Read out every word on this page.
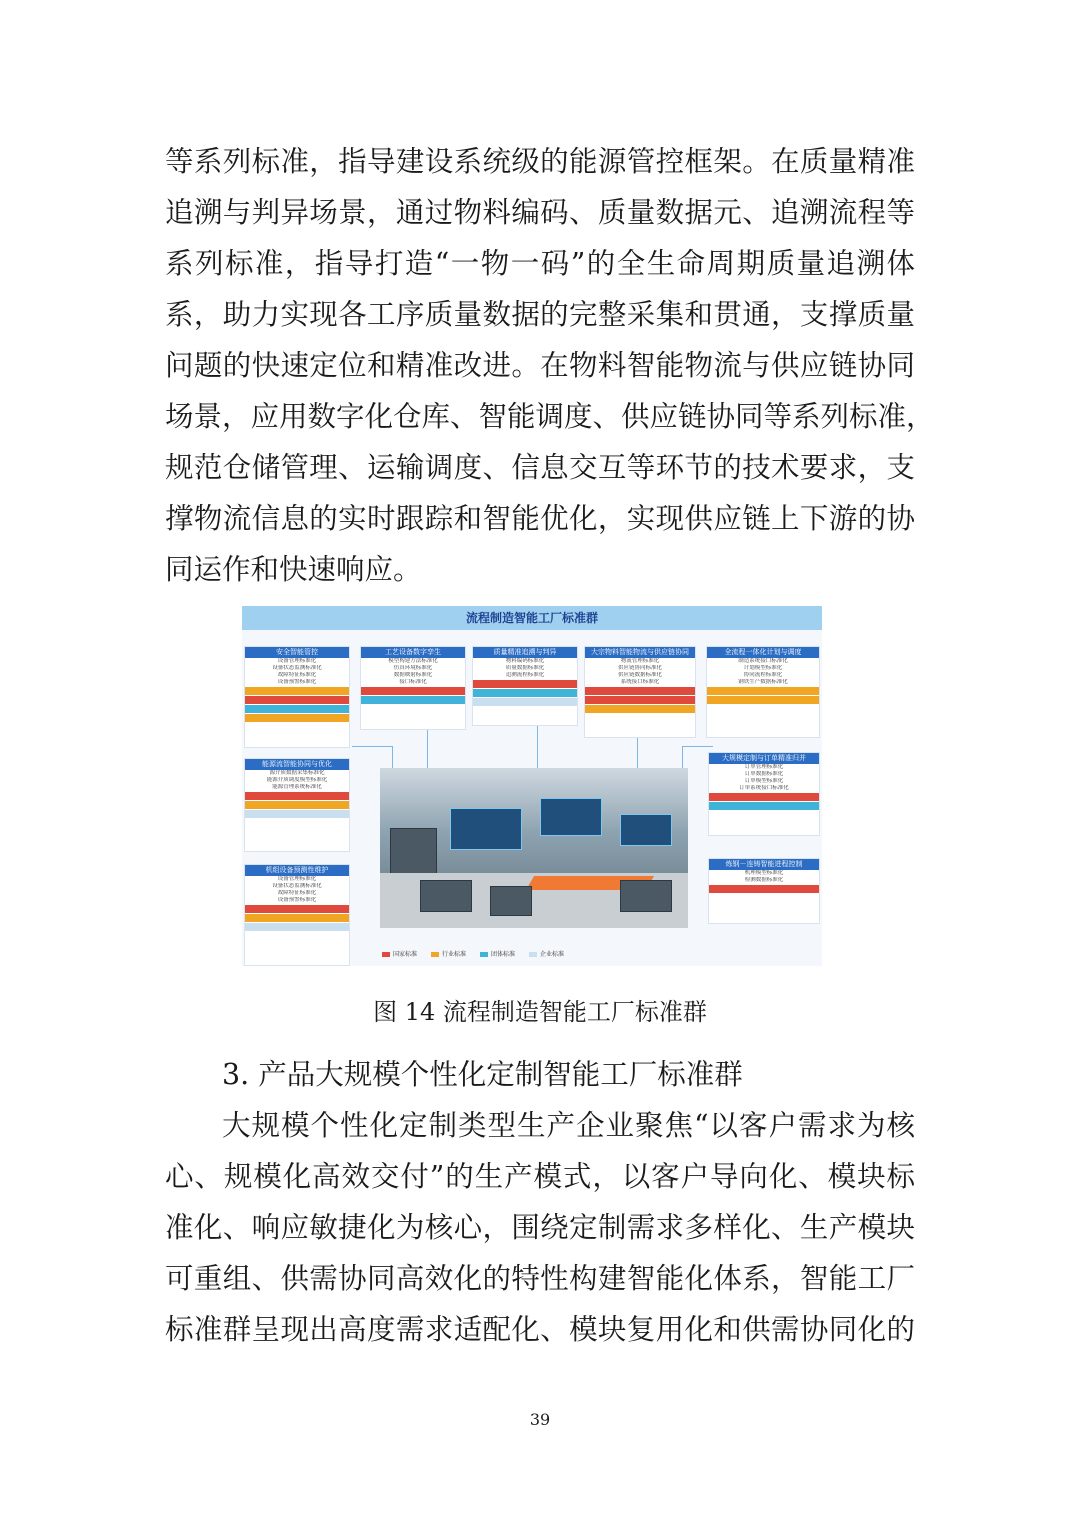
等系列标准，指导建设系统级的能源管控框架。在质量精准
追溯与判异场景，通过物料编码、质量数据元、追溯流程等
系列标准，指导打造“一物一码”的全生命周期质量追溯体
系，助力实现各工序质量数据的完整采集和贯通，支撑质量
问题的快速定位和精准改进。在物料智能物流与供应链协同
场景，应用数字化仓库、智能调度、供应链协同等系列标准，
规范仓储管理、运输调度、信息交互等环节的技术要求，支
撑物流信息的实时跟踪和智能优化，实现供应链上下游的协
同运作和快速响应。
流程制造智能工厂标准群
安全智能管控
设备管理标准化
设备状态监测标准化
故障特征标准化
设备预警标准化

工艺设备数字孪生
模型构建方法标准化
仿真环境标准化
数据映射标准化
接口标准化

质量精准追溯与判异
物料编码标准化
质量数据标准化
追溯流程标准化

大宗物料智能物流与供应链协同
物流管理标准化
供应链协同标准化
供应链数据标准化
系统接口标准化

全流程一体化计划与调度
制造系统接口标准化
计划模型标准化
协同流程标准化
钢铁生产数据标准化

能源流智能协同与优化
源介质数据采集标准化
能源介质调度模型标准化
能源管理系统标准化

机组设备预测性维护
设备管理标准化
设备状态监测标准化
故障特征标准化
设备预警标准化

大规模定制与订单精准归并
订单管理标准化
订单数据标准化
订单模型标准化
订单系统接口标准化

炼钢－连铸智能进程控制
机理模型标准化
检测数据标准化

国家标准	行业标准	团体标准	企业标准
图 14 流程制造智能工厂标准群
3. 产品大规模个性化定制智能工厂标准群
大规模个性化定制类型生产企业聚焦“以客户需求为核
心、规模化高效交付”的生产模式，以客户导向化、模块标
准化、响应敏捷化为核心，围绕定制需求多样化、生产模块
可重组、供需协同高效化的特性构建智能化体系，智能工厂
标准群呈现出高度需求适配化、模块复用化和供需协同化的
39
